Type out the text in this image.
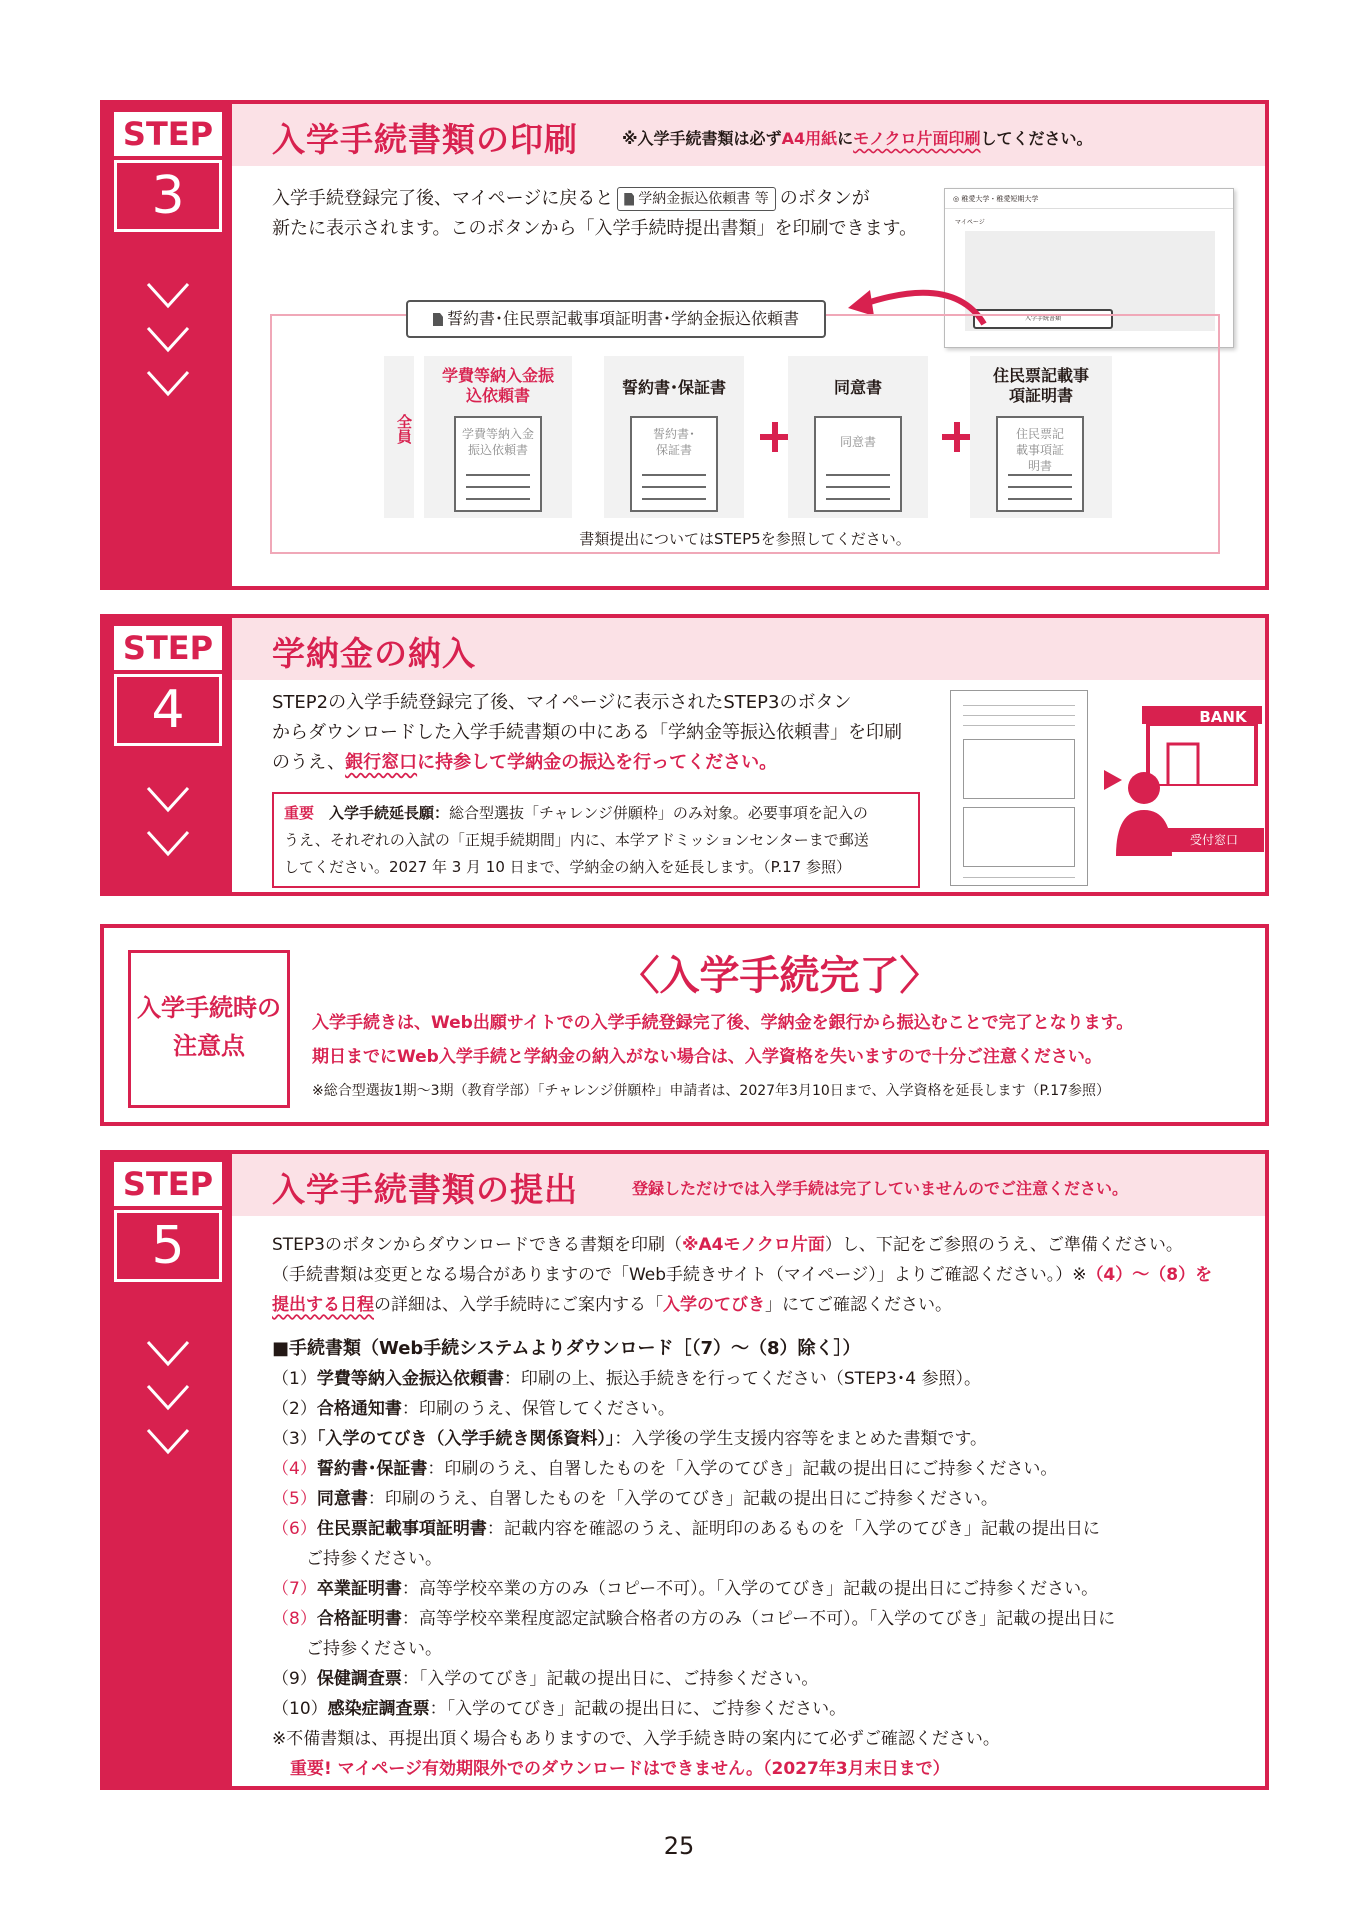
STEP
3
入学手続書類の印刷	※入学手続書類は必ずA4用紙にモノクロ片面印刷してください。
入学手続登録完了後、マイページに戻ると 学納金振込依頼書 等 のボタンが
新たに表示されます。このボタンから「入学手続時提出書類」を印刷できます。
◎ 稚愛大学・稚愛短期大学
マイページ
入学手続書類
誓約書･住民票記載事項証明書･学納金振込依頼書
全員
学費等納入金振込依頼書
学費等納入金振込依頼書
誓約書･保証書
誓約書･保証書
同意書
同意書
住民票記載事項証明書
住民票記載事項証明書
書類提出についてはSTEP5を参照してください。
STEP
4
学納金の納入
STEP2の入学手続登録完了後、マイページに表示されたSTEP3のボタン
からダウンロードした入学手続書類の中にある「学納金等振込依頼書」を印刷
のうえ、銀行窓口に持参して学納金の振込を行ってください。
重要　 入学手続延長願：総合型選抜「チャレンジ併願枠」のみ対象。必要事項を記入の
うえ、それぞれの入試の「正規手続期間」内に、本学アドミッションセンターまで郵送
してください。2027 年 3 月 10 日まで、学納金の納入を延長します。（P.17 参照）
BANK
受付窓口
入学手続時の
注意点
〈入学手続完了〉
入学手続きは、Web出願サイトでの入学手続登録完了後、学納金を銀行から振込むことで完了となります。
期日までにWeb入学手続と学納金の納入がない場合は、入学資格を失いますので十分ご注意ください。
※総合型選抜1期～3期（教育学部）「チャレンジ併願枠」申請者は、2027年3月10日まで、入学資格を延長します（P.17参照）
STEP
5
入学手続書類の提出	登録しただけでは入学手続は完了していませんのでご注意ください。
STEP3のボタンからダウンロードできる書類を印刷（※A4モノクロ片面）し、下記をご参照のうえ、ご準備ください。
（手続書類は変更となる場合がありますので「Web手続きサイト（マイページ）」よりご確認ください。）※（4）～（8）を
提出する日程の詳細は、入学手続時にご案内する「入学のてびき」にてご確認ください。
■手続書類（Web手続システムよりダウンロード［（7）～（8）除く］）
（1）学費等納入金振込依頼書：印刷の上、振込手続きを行ってください（STEP3･4 参照）。
（2）合格通知書：印刷のうえ、保管してください。
（3）「入学のてびき（入学手続き関係資料）」：入学後の学生支援内容等をまとめた書類です。
（4）誓約書･保証書：印刷のうえ、自署したものを「入学のてびき」記載の提出日にご持参ください。
（5）同意書：印刷のうえ、自署したものを「入学のてびき」記載の提出日にご持参ください。
（6）住民票記載事項証明書：記載内容を確認のうえ、証明印のあるものを「入学のてびき」記載の提出日に
ご持参ください。
（7）卒業証明書：高等学校卒業の方のみ（コピー不可）。「入学のてびき」記載の提出日にご持参ください。
（8）合格証明書：高等学校卒業程度認定試験合格者の方のみ（コピー不可）。「入学のてびき」記載の提出日に
ご持参ください。
（9）保健調査票：「入学のてびき」記載の提出日に、ご持参ください。
（10）感染症調査票：「入学のてびき」記載の提出日に、ご持参ください。
※不備書類は、再提出頂く場合もありますので、入学手続き時の案内にて必ずご確認ください。
重要! マイページ有効期限外でのダウンロードはできません。（2027年3月末日まで）
25
